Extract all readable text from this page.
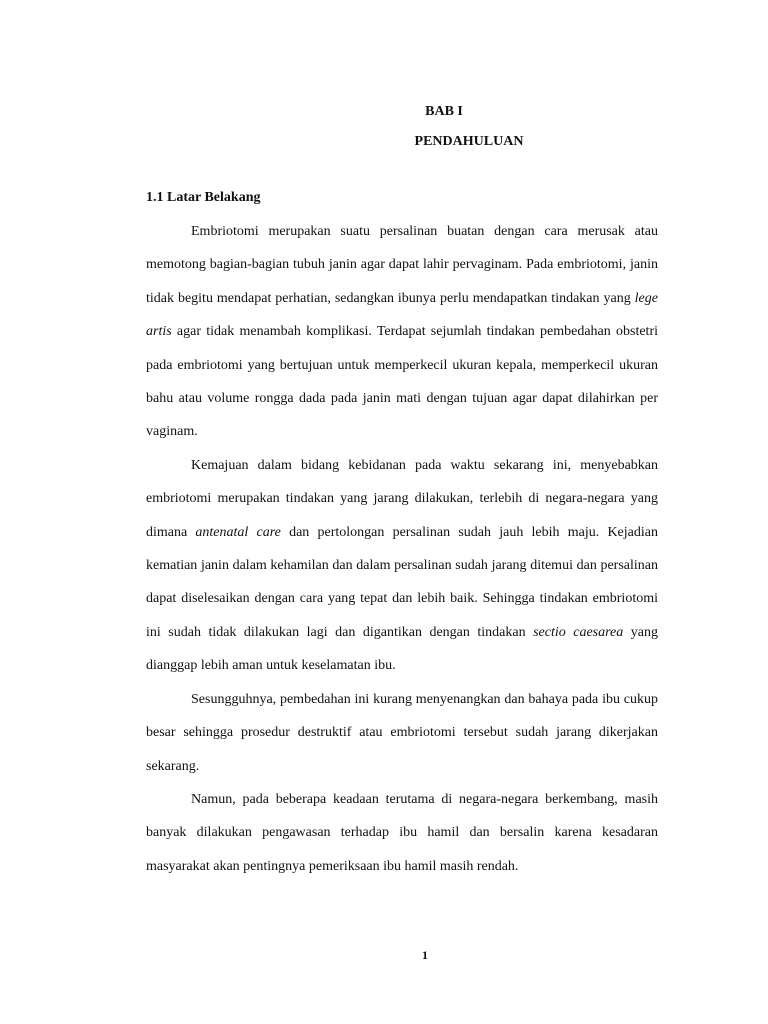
BAB I
PENDAHULUAN
1.1 Latar Belakang

Embriotomi merupakan suatu persalinan buatan dengan cara merusak atau memotong bagian-bagian tubuh janin agar dapat lahir pervaginam. Pada embriotomi, janin tidak begitu mendapat perhatian, sedangkan ibunya perlu mendapatkan tindakan yang lege artis agar tidak menambah komplikasi. Terdapat sejumlah tindakan pembedahan obstetri pada embriotomi yang bertujuan untuk memperkecil ukuran kepala, memperkecil ukuran bahu atau volume rongga dada pada janin mati dengan tujuan agar dapat dilahirkan per vaginam.

Kemajuan dalam bidang kebidanan pada waktu sekarang ini, menyebabkan embriotomi merupakan tindakan yang jarang dilakukan, terlebih di negara-negara yang dimana antenatal care dan pertolongan persalinan sudah jauh lebih maju. Kejadian kematian janin dalam kehamilan dan dalam persalinan sudah jarang ditemui dan persalinan dapat diselesaikan dengan cara yang tepat dan lebih baik. Sehingga tindakan embriotomi ini sudah tidak dilakukan lagi dan digantikan dengan tindakan sectio caesarea yang dianggap lebih aman untuk keselamatan ibu.

Sesungguhnya, pembedahan ini kurang menyenangkan dan bahaya pada ibu cukup besar sehingga prosedur destruktif atau embriotomi tersebut sudah jarang dikerjakan sekarang.

Namun, pada beberapa keadaan terutama di negara-negara berkembang, masih banyak dilakukan pengawasan terhadap ibu hamil dan bersalin karena kesadaran masyarakat akan pentingnya pemeriksaan ibu hamil masih rendah.

1
